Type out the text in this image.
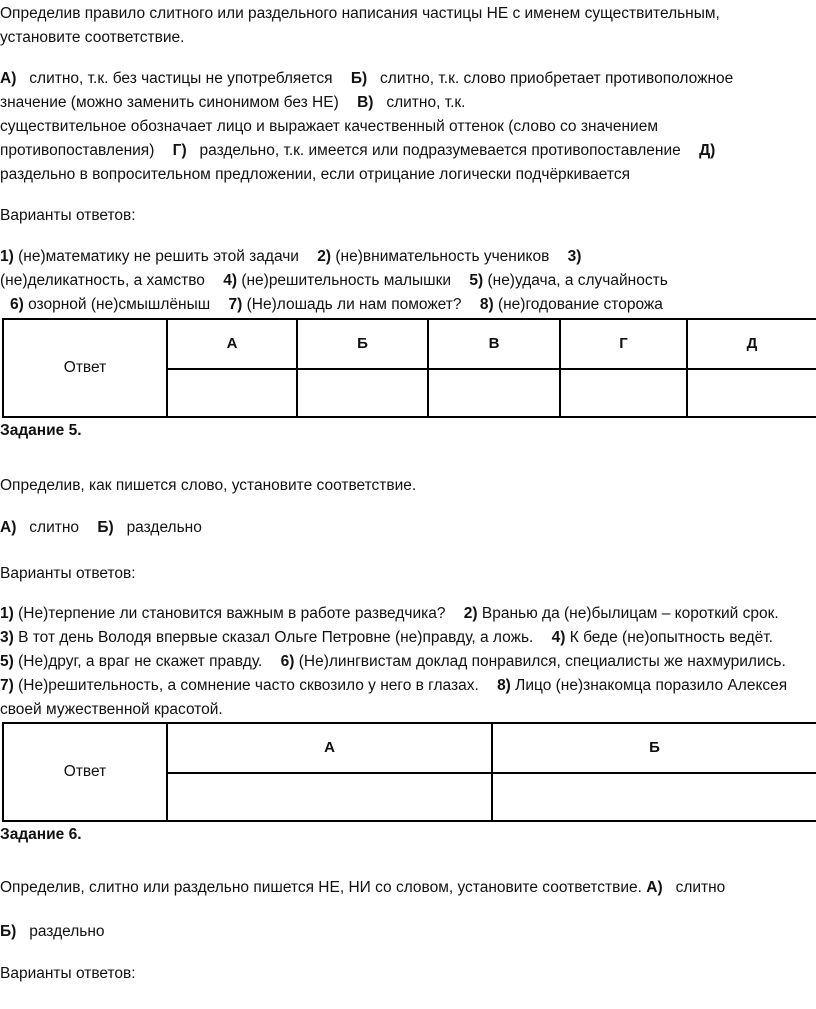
Определив правило слитного или раздельного написания частицы НЕ с именем существительным,
установите соответствие.
А) слитно, т.к. без частицы не употребляется Б) слитно, т.к. слово приобретает противоположное
значение (можно заменить синонимом без НЕ) В) слитно, т.к.
существительное обозначает лицо и выражает качественный оттенок (слово со значением
противопоставления) Г) раздельно, т.к. имеется или подразумевается противопоставление Д)
раздельно в вопросительном предложении, если отрицание логически подчёркивается
Варианты ответов:
1) (не)математику не решить этой задачи 2) (не)внимательность учеников 3)
(не)деликатность, а хамство 4) (не)решительность малышки 5) (не)удача, а случайность
6) озорной (не)смышлёныш 7) (Не)лошадь ли нам поможет? 8) (не)годование сторожа
Ответ	А	Б	В	Г	Д

Задание 5.
Определив, как пишется слово, установите соответствие.
А) слитно Б) раздельно
Варианты ответов:
1) (Не)терпение ли становится важным в работе разведчика? 2) Вранью да (не)былицам – короткий срок.
3) В тот день Володя впервые сказал Ольге Петровне (не)правду, а ложь. 4) К беде (не)опытность ведёт.
5) (Не)друг, а враг не скажет правду. 6) (Не)лингвистам доклад понравился, специалисты же нахмурились.
7) (Не)решительность, а сомнение часто сквозило у него в глазах. 8) Лицо (не)знакомца поразило Алексея
своей мужественной красотой.
Ответ	А	Б

Задание 6.
Определив, слитно или раздельно пишется НЕ, НИ со словом, установите соответствие. А) слитно
Б) раздельно
Варианты ответов:
